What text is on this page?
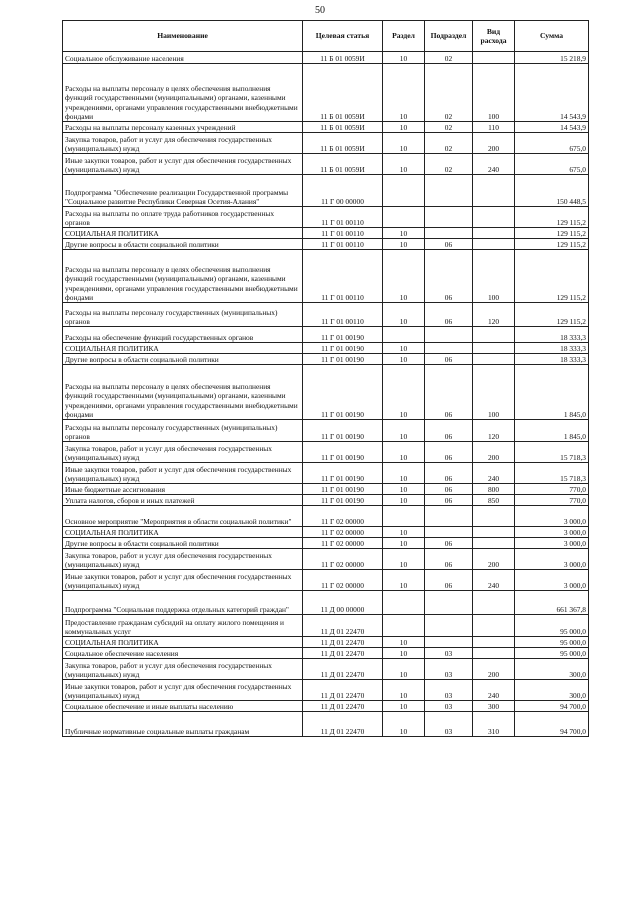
50
Наименование	Целевая статья	Раздел	Подраздел	Вид расхода	Сумма
Социальное обслуживание населения	11 Б 01 0059И	10	02		15 218,9
Расходы на выплаты персоналу в целях обеспечения выполнения функций государственными (муниципальными) органами, казенными учреждениями, органами управления государственными внебюджетными фондами	11 Б 01 0059И	10	02	100	14 543,9
Расходы на выплаты персоналу казенных учреждений	11 Б 01 0059И	10	02	110	14 543,9
Закупка товаров, работ и услуг для обеспечения государственных (муниципальных) нужд	11 Б 01 0059И	10	02	200	675,0
Иные закупки товаров, работ и услуг для обеспечения государственных (муниципальных) нужд	11 Б 01 0059И	10	02	240	675,0
Подпрограмма "Обеспечение реализации Государственной программы "Социальное развитие Республики Северная Осетия-Алания"	11 Г 00 00000				150 448,5
Расходы на выплаты по оплате труда работников государственных органов	11 Г 01 00110				129 115,2
СОЦИАЛЬНАЯ ПОЛИТИКА	11 Г 01 00110	10			129 115,2
Другие вопросы в области социальной политики	11 Г 01 00110	10	06		129 115,2
Расходы на выплаты персоналу в целях обеспечения выполнения функций государственными (муниципальными) органами, казенными учреждениями, органами управления государственными внебюджетными фондами	11 Г 01 00110	10	06	100	129 115,2
Расходы на выплаты персоналу государственных (муниципальных) органов	11 Г 01 00110	10	06	120	129 115,2
Расходы на обеспечение функций государственных органов	11 Г 01 00190				18 333,3
СОЦИАЛЬНАЯ ПОЛИТИКА	11 Г 01 00190	10			18 333,3
Другие вопросы в области социальной политики	11 Г 01 00190	10	06		18 333,3
Расходы на выплаты персоналу в целях обеспечения выполнения функций государственными (муниципальными) органами, казенными учреждениями, органами управления государственными внебюджетными фондами	11 Г 01 00190	10	06	100	1 845,0
Расходы на выплаты персоналу государственных (муниципальных) органов	11 Г 01 00190	10	06	120	1 845,0
Закупка товаров, работ и услуг для обеспечения государственных (муниципальных) нужд	11 Г 01 00190	10	06	200	15 718,3
Иные закупки товаров, работ и услуг для обеспечения государственных (муниципальных) нужд	11 Г 01 00190	10	06	240	15 718,3
Иные бюджетные ассигнования	11 Г 01 00190	10	06	800	770,0
Уплата налогов, сборов и иных платежей	11 Г 01 00190	10	06	850	770,0
Основное мероприятие "Мероприятия в области социальной политики"	11 Г 02 00000				3 000,0
СОЦИАЛЬНАЯ ПОЛИТИКА	11 Г 02 00000	10			3 000,0
Другие вопросы в области социальной политики	11 Г 02 00000	10	06		3 000,0
Закупка товаров, работ и услуг для обеспечения государственных (муниципальных) нужд	11 Г 02 00000	10	06	200	3 000,0
Иные закупки товаров, работ и услуг для обеспечения государственных (муниципальных) нужд	11 Г 02 00000	10	06	240	3 000,0
Подпрограмма "Социальная поддержка отдельных категорий граждан"	11 Д 00 00000				661 367,8
Предоставление гражданам субсидий на оплату жилого помещения и коммунальных услуг	11 Д 01 22470				95 000,0
СОЦИАЛЬНАЯ ПОЛИТИКА	11 Д 01 22470	10			95 000,0
Социальное обеспечение населения	11 Д 01 22470	10	03		95 000,0
Закупка товаров, работ и услуг для обеспечения государственных (муниципальных) нужд	11 Д 01 22470	10	03	200	300,0
Иные закупки товаров, работ и услуг для обеспечения государственных (муниципальных) нужд	11 Д 01 22470	10	03	240	300,0
Социальное обеспечение и иные выплаты населению	11 Д 01 22470	10	03	300	94 700,0
Публичные нормативные социальные выплаты гражданам	11 Д 01 22470	10	03	310	94 700,0
